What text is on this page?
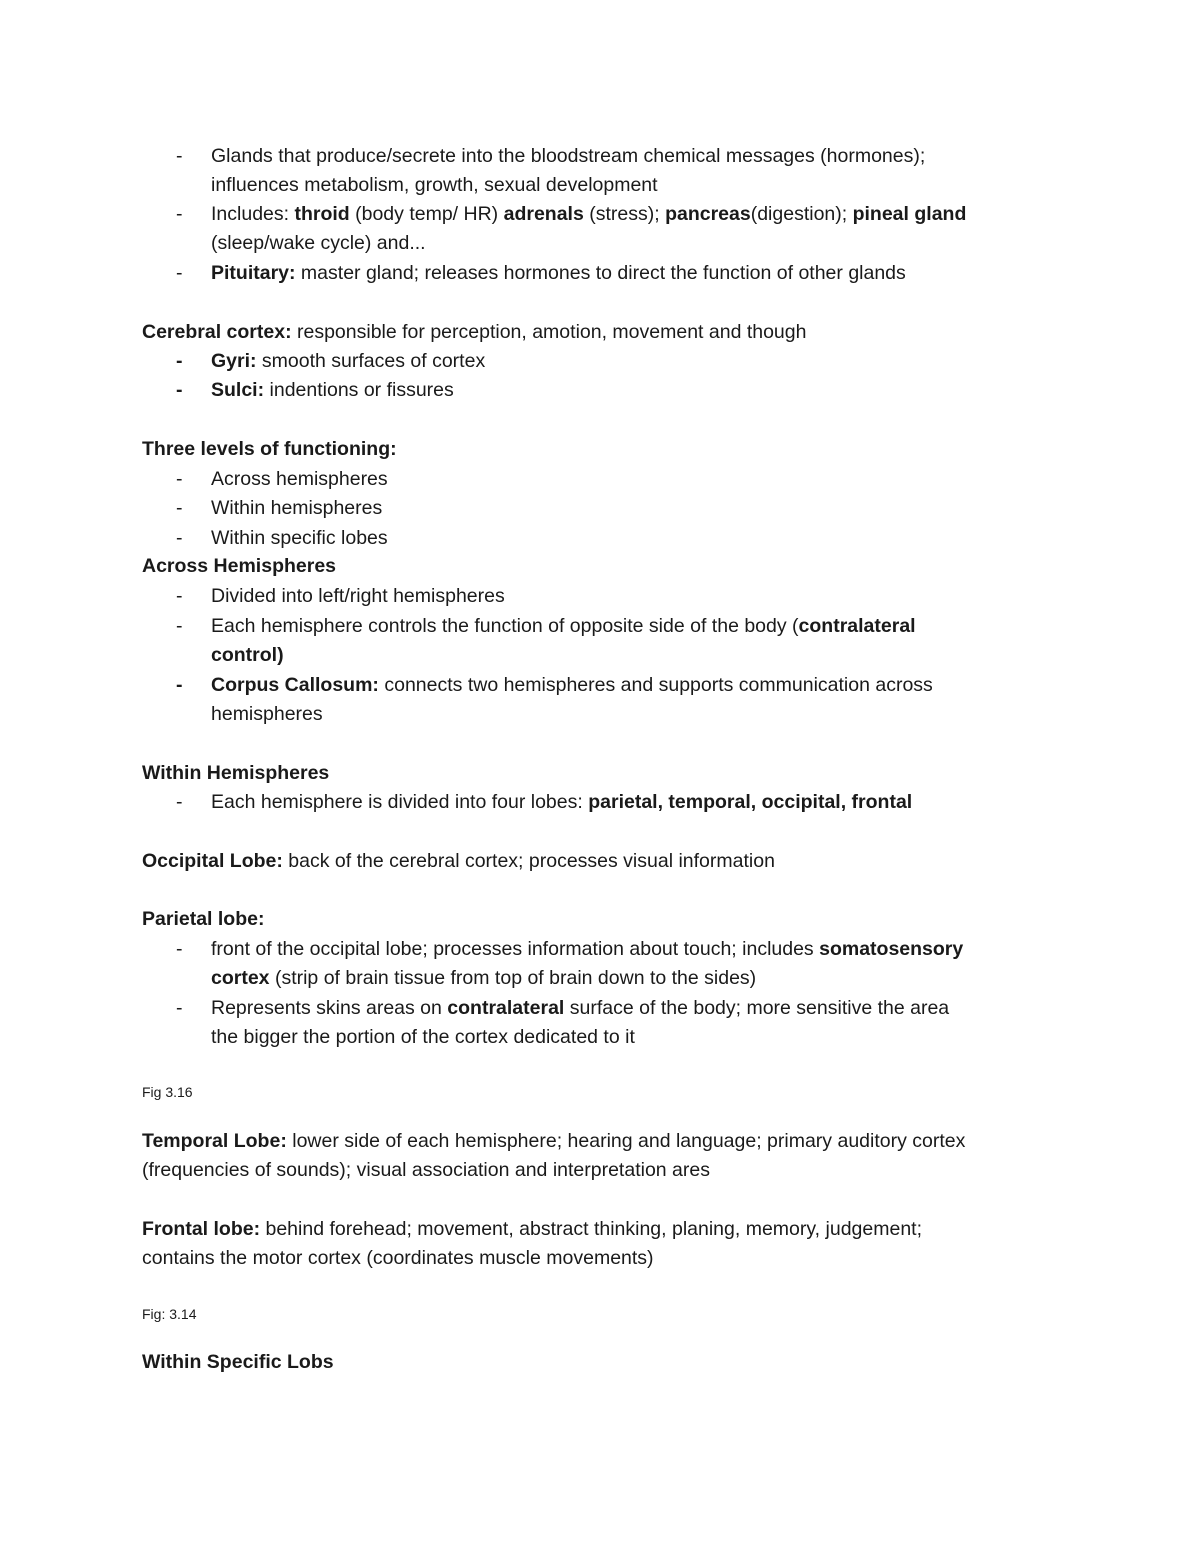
- Glands that produce/secrete into the bloodstream chemical messages (hormones);
influences metabolism, growth, sexual development
- Includes: throid (body temp/ HR) adrenals (stress); pancreas(digestion); pineal gland
(sleep/wake cycle) and...
- Pituitary: master gland; releases hormones to direct the function of other glands
Cerebral cortex: responsible for perception, amotion, movement and though
- Gyri: smooth surfaces of cortex
- Sulci: indentions or fissures
Three levels of functioning:
- Across hemispheres
- Within hemispheres
- Within specific lobes
Across Hemispheres
- Divided into left/right hemispheres
- Each hemisphere controls the function of opposite side of the body (contralateral
control)
- Corpus Callosum: connects two hemispheres and supports communication across
hemispheres
Within Hemispheres
- Each hemisphere is divided into four lobes: parietal, temporal, occipital, frontal
Occipital Lobe: back of the cerebral cortex; processes visual information
Parietal lobe:
- front of the occipital lobe; processes information about touch; includes somatosensory
cortex (strip of brain tissue from top of brain down to the sides)
- Represents skins areas on contralateral surface of the body; more sensitive the area
the bigger the portion of the cortex dedicated to it
Fig 3.16
Temporal Lobe: lower side of each hemisphere; hearing and language; primary auditory cortex
(frequencies of sounds); visual association and interpretation ares
Frontal lobe: behind forehead; movement, abstract thinking, planing, memory, judgement;
contains the motor cortex (coordinates muscle movements)
Fig: 3.14
Within Specific Lobs
